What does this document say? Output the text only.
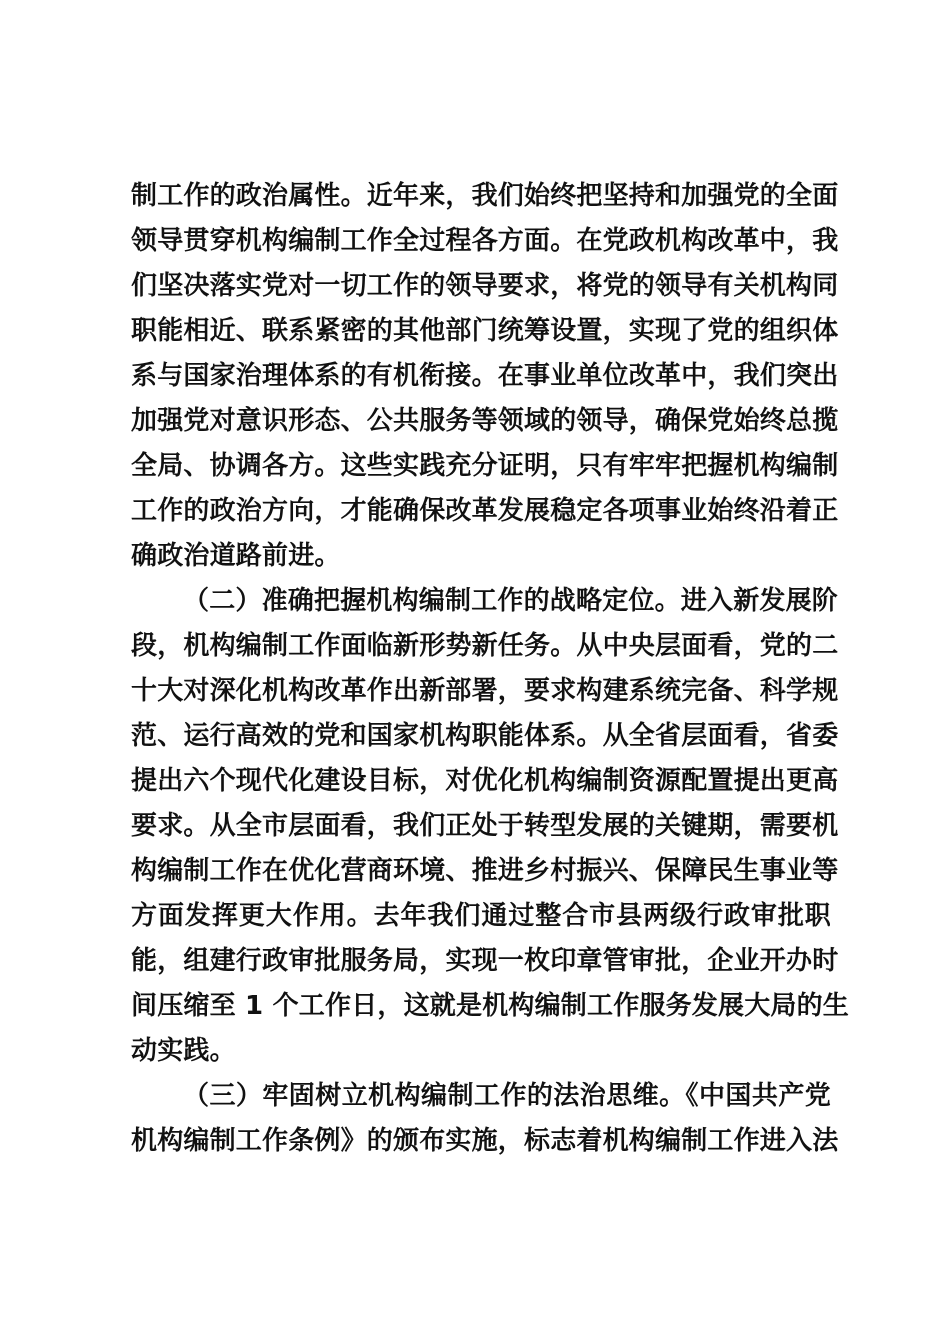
制工作的政治属性。近年来，我们始终把坚持和加强党的全面
领导贯穿机构编制工作全过程各方面。在党政机构改革中，我
们坚决落实党对一切工作的领导要求，将党的领导有关机构同
职能相近、联系紧密的其他部门统筹设置，实现了党的组织体
系与国家治理体系的有机衔接。在事业单位改革中，我们突出
加强党对意识形态、公共服务等领域的领导，确保党始终总揽
全局、协调各方。这些实践充分证明，只有牢牢把握机构编制
工作的政治方向，才能确保改革发展稳定各项事业始终沿着正
确政治道路前进。
（二）准确把握机构编制工作的战略定位。进入新发展阶
段，机构编制工作面临新形势新任务。从中央层面看，党的二
十大对深化机构改革作出新部署，要求构建系统完备、科学规
范、运行高效的党和国家机构职能体系。从全省层面看，省委
提出六个现代化建设目标，对优化机构编制资源配置提出更高
要求。从全市层面看，我们正处于转型发展的关键期，需要机
构编制工作在优化营商环境、推进乡村振兴、保障民生事业等
方面发挥更大作用。去年我们通过整合市县两级行政审批职
能，组建行政审批服务局，实现一枚印章管审批，企业开办时
间压缩至 1 个工作日，这就是机构编制工作服务发展大局的生
动实践。
（三）牢固树立机构编制工作的法治思维。《中国共产党
机构编制工作条例》的颁布实施，标志着机构编制工作进入法
